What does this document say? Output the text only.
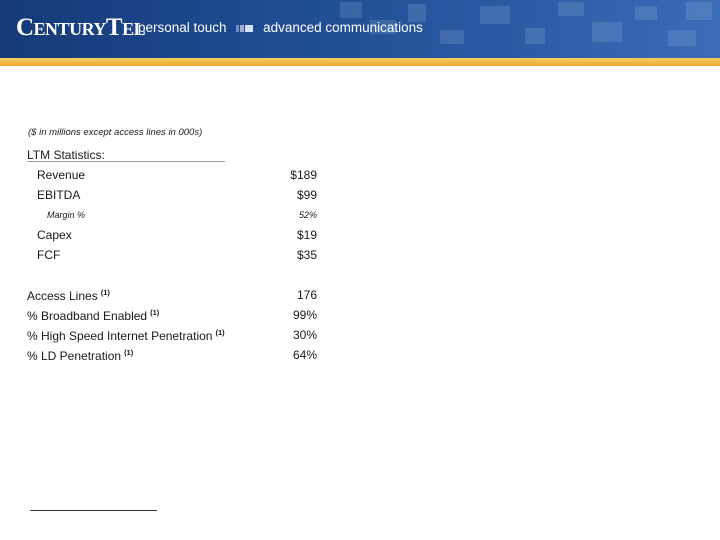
CenturyTel
personal touch	advanced communications
($ in millions except access lines in 000s)
LTM Statistics:
Revenue	$189
EBITDA	$99
Margin %	52%
Capex	$19
FCF	$35
Access Lines $^{(1)}$	176
% Broadband Enabled $^{(1)}$	99%
% High Speed Internet Penetration $^{(1)}$	30%
% LD Penetration $^{(1)}$	64%
